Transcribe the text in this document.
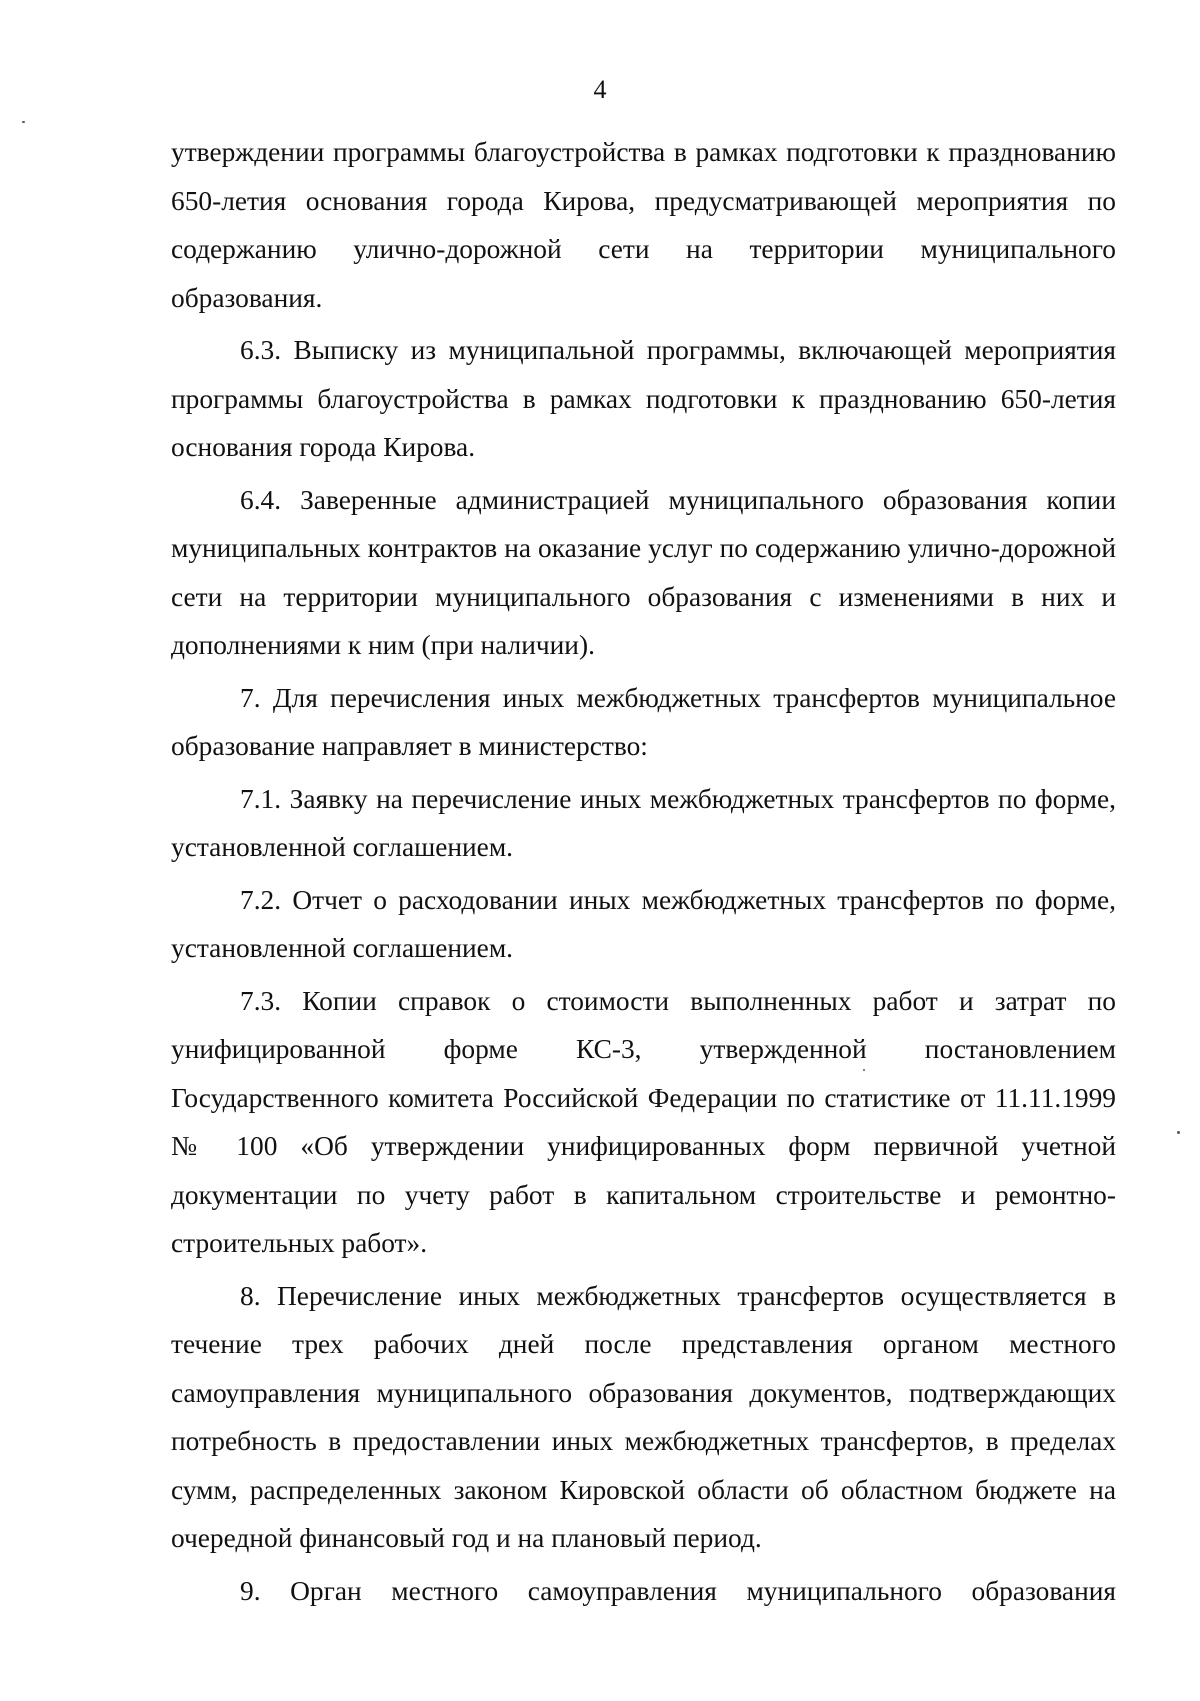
4

утверждении программы благоустройства в рамках подготовки к празднованию 650-летия основания города Кирова, предусматривающей мероприятия по содержанию улично-дорожной сети на территории муниципального образования.

6.3. Выписку из муниципальной программы, включающей мероприятия программы благоустройства в рамках подготовки к празднованию 650-летия основания города Кирова.

6.4. Заверенные администрацией муниципального образования копии муниципальных контрактов на оказание услуг по содержанию улично-дорожной сети на территории муниципального образования с изменениями в них и дополнениями к ним (при наличии).

7. Для перечисления иных межбюджетных трансфертов муниципальное образование направляет в министерство:

7.1. Заявку на перечисление иных межбюджетных трансфертов по форме, установленной соглашением.

7.2. Отчет о расходовании иных межбюджетных трансфертов по форме, установленной соглашением.

7.3. Копии справок о стоимости выполненных работ и затрат по унифицированной форме КС-3, утвержденной постановлением Государственного комитета Российской Федерации по статистике от 11.11.1999 № 100 «Об утверждении унифицированных форм первичной учетной документации по учету работ в капитальном строительстве и ремонтно-строительных работ».

8. Перечисление иных межбюджетных трансфертов осуществляется в течение трех рабочих дней после представления органом местного самоуправления муниципального образования документов, подтверждающих потребность в предоставлении иных межбюджетных трансфертов, в пределах сумм, распределенных законом Кировской области об областном бюджете на очередной финансовый год и на плановый период.

9. Орган местного самоуправления муниципального образования
